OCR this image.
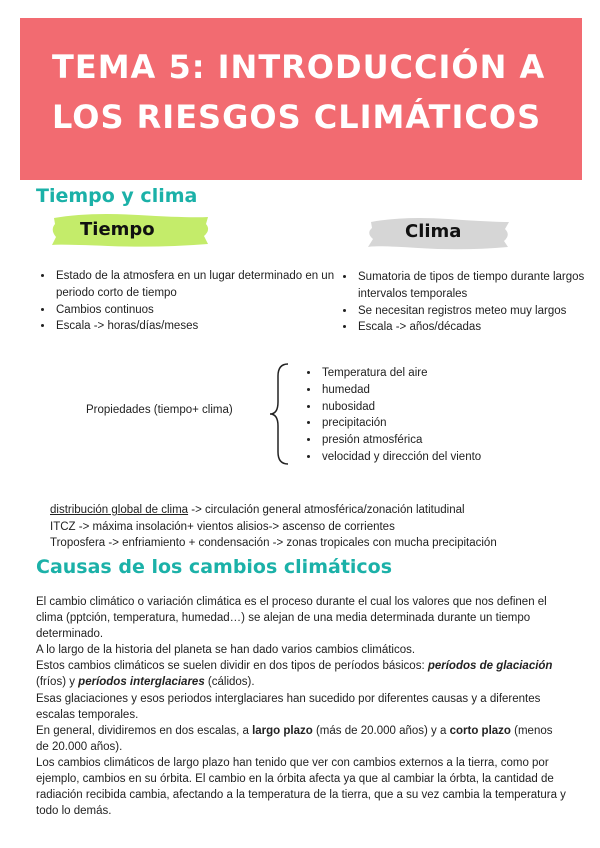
TEMA 5: INTRODUCCIÓN A LOS RIESGOS CLIMÁTICOS
Tiempo y clima
Tiempo	Clima
• Estado de la atmosfera en un lugar determinado en un periodo corto de tiempo
• Cambios continuos
• Escala -> horas/días/meses
• Sumatoria de tipos de tiempo durante largos intervalos temporales
• Se necesitan registros meteo muy largos
• Escala -> años/décadas

Propiedades (tiempo+ clima)

• Temperatura del aire
• humedad
• nubosidad
• precipitación
• presión atmosférica
• velocidad y dirección del viento
distribución global de clima -> circulación general atmosférica/zonación latitudinal
ITCZ -> máxima insolación+ vientos alisios-> ascenso de corrientes
Troposfera -> enfriamiento + condensación -> zonas tropicales con mucha precipitación
Causas de los cambios climáticos

El cambio climático o variación climática es el proceso durante el cual los valores que nos definen el clima (pptción, temperatura, humedad…) se alejan de una media determinada durante un tiempo determinado.

A lo largo de la historia del planeta se han dado varios cambios climáticos.

Estos cambios climáticos se suelen dividir en dos tipos de períodos básicos: períodos de glaciación (fríos) y períodos interglaciares (cálidos).

Esas glaciaciones y esos periodos interglaciares han sucedido por diferentes causas y a diferentes escalas temporales.

En general, dividiremos en dos escalas, a largo plazo (más de 20.000 años) y a corto plazo (menos de 20.000 años).

Los cambios climáticos de largo plazo han tenido que ver con cambios externos a la tierra, como por ejemplo, cambios en su órbita. El cambio en la órbita afecta ya que al cambiar la órbta, la cantidad de radiación recibida cambia, afectando a la temperatura de la tierra, que a su vez cambia la temperatura y todo lo demás.
